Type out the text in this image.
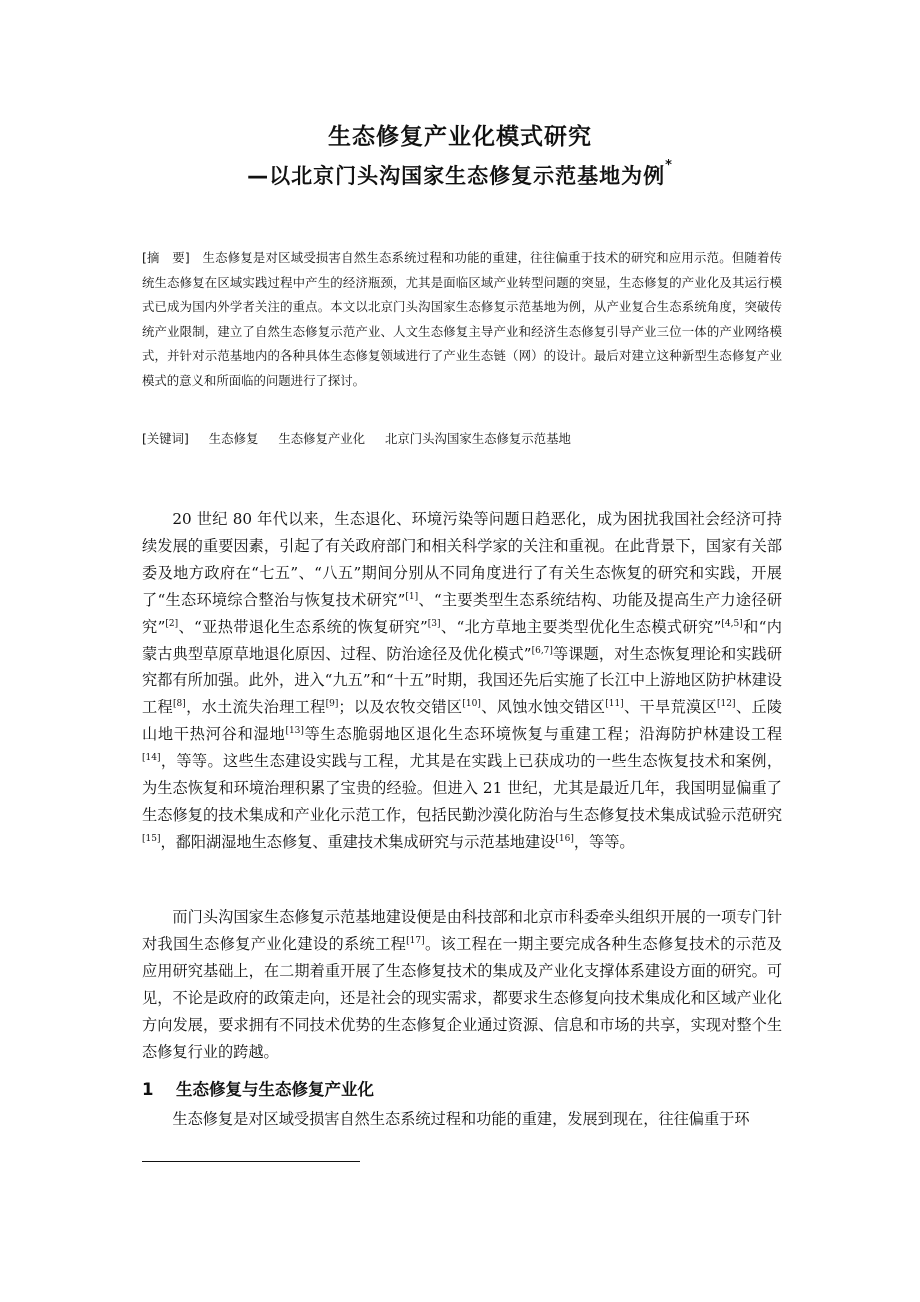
生态修复产业化模式研究
—以北京门头沟国家生态修复示范基地为例*
[摘　要]　 生态修复是对区域受损害自然生态系统过程和功能的重建，往往偏重于技术的研究和应用示范。但随着传统生态修复在区域实践过程中产生的经济瓶颈，尤其是面临区域产业转型问题的突显，生态修复的产业化及其运行模式已成为国内外学者关注的重点。本文以北京门头沟国家生态修复示范基地为例，从产业复合生态系统角度，突破传统产业限制，建立了自然生态修复示范产业、人文生态修复主导产业和经济生态修复引导产业三位一体的产业网络模式，并针对示范基地内的各种具体生态修复领域进行了产业生态链（网）的设计。最后对建立这种新型生态修复产业模式的意义和所面临的问题进行了探讨。
[关键词] 生态修复 生态修复产业化 北京门头沟国家生态修复示范基地

20 世纪 80 年代以来，生态退化、环境污染等问题日趋恶化，成为困扰我国社会经济可持续发展的重要因素，引起了有关政府部门和相关科学家的关注和重视。在此背景下，国家有关部委及地方政府在“七五”、“八五”期间分别从不同角度进行了有关生态恢复的研究和实践，开展了“生态环境综合整治与恢复技术研究”[1]、“主要类型生态系统结构、功能及提高生产力途径研究”[2]、“亚热带退化生态系统的恢复研究”[3]、“北方草地主要类型优化生态模式研究”[4,5]和“内蒙古典型草原草地退化原因、过程、防治途径及优化模式”[6,7]等课题，对生态恢复理论和实践研究都有所加强。此外，进入“九五”和“十五”时期，我国还先后实施了长江中上游地区防护林建设工程[8]，水土流失治理工程[9]；以及农牧交错区[10]、风蚀水蚀交错区[11]、干旱荒漠区[12]、丘陵山地干热河谷和湿地[13]等生态脆弱地区退化生态环境恢复与重建工程；沿海防护林建设工程[14]，等等。这些生态建设实践与工程，尤其是在实践上已获成功的一些生态恢复技术和案例，为生态恢复和环境治理积累了宝贵的经验。但进入 21 世纪，尤其是最近几年，我国明显偏重了生态修复的技术集成和产业化示范工作，包括民勤沙漠化防治与生态修复技术集成试验示范研究[15]，鄱阳湖湿地生态修复、重建技术集成研究与示范基地建设[16]，等等。

而门头沟国家生态修复示范基地建设便是由科技部和北京市科委牵头组织开展的一项专门针对我国生态修复产业化建设的系统工程[17]。该工程在一期主要完成各种生态修复技术的示范及应用研究基础上，在二期着重开展了生态修复技术的集成及产业化支撑体系建设方面的研究。可见，不论是政府的政策走向，还是社会的现实需求，都要求生态修复向技术集成化和区域产业化方向发展，要求拥有不同技术优势的生态修复企业通过资源、信息和市场的共享，实现对整个生态修复行业的跨越。

1 生态修复与生态修复产业化

生态修复是对区域受损害自然生态系统过程和功能的重建，发展到现在，往往偏重于环
